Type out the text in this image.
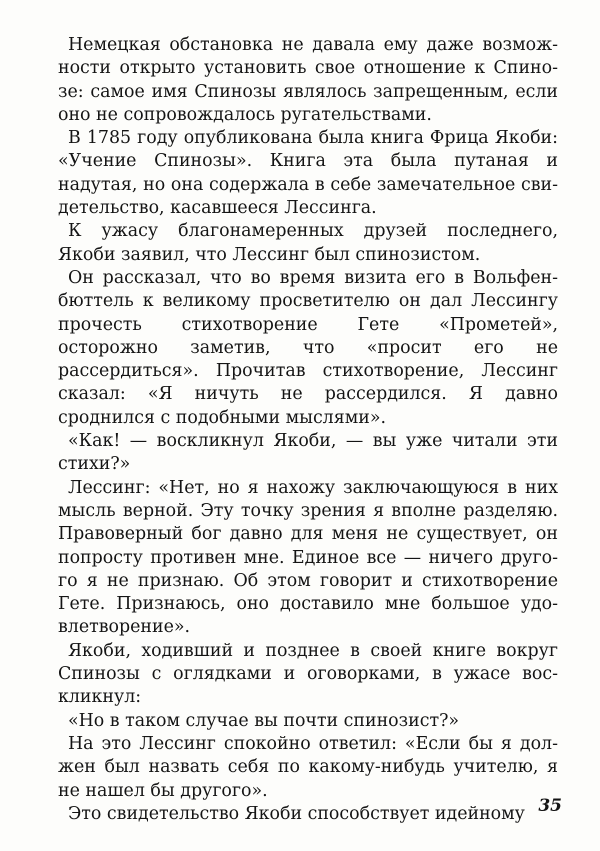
Немецкая обстановка не давала ему даже возможности открыто установить свое отношение к Спинозе: самое имя Спинозы являлось запрещенным, если оно не сопровождалось ругательствами.

В 1785 году опубликована была книга Фрица Якоби: «Учение Спинозы». Книга эта была путаная и надутая, но она содержала в себе замечательное свидетельство, касавшееся Лессинга.

К ужасу благонамеренных друзей последнего, Якоби заявил, что Лессинг был спинозистом.

Он рассказал, что во время визита его в Вольфенбюттель к великому просветителю он дал Лессингу прочесть стихотворение Гете «Прометей», осторожно заметив, что «просит его не рассердиться». Прочитав стихотворение, Лессинг сказал: «Я ничуть не рассердился. Я давно сроднился с подобными мыслями».

«Как! — воскликнул Якоби, — вы уже читали эти стихи?»

Лессинг: «Нет, но я нахожу заключающуюся в них мысль верной. Эту точку зрения я вполне разделяю. Правоверный бог давно для меня не существует, он попросту противен мне. Единое все — ничего другого я не признаю. Об этом говорит и стихотворение Гете. Признаюсь, оно доставило мне большое удовлетворение».

Якоби, ходивший и позднее в своей книге вокруг Спинозы с оглядками и оговорками, в ужасе воскликнул:

«Но в таком случае вы почти спинозист?»

На это Лессинг спокойно ответил: «Если бы я должен был назвать себя по какому-нибудь учителю, я не нашел бы другого».

Это свидетельство Якоби способствует идейному 35
